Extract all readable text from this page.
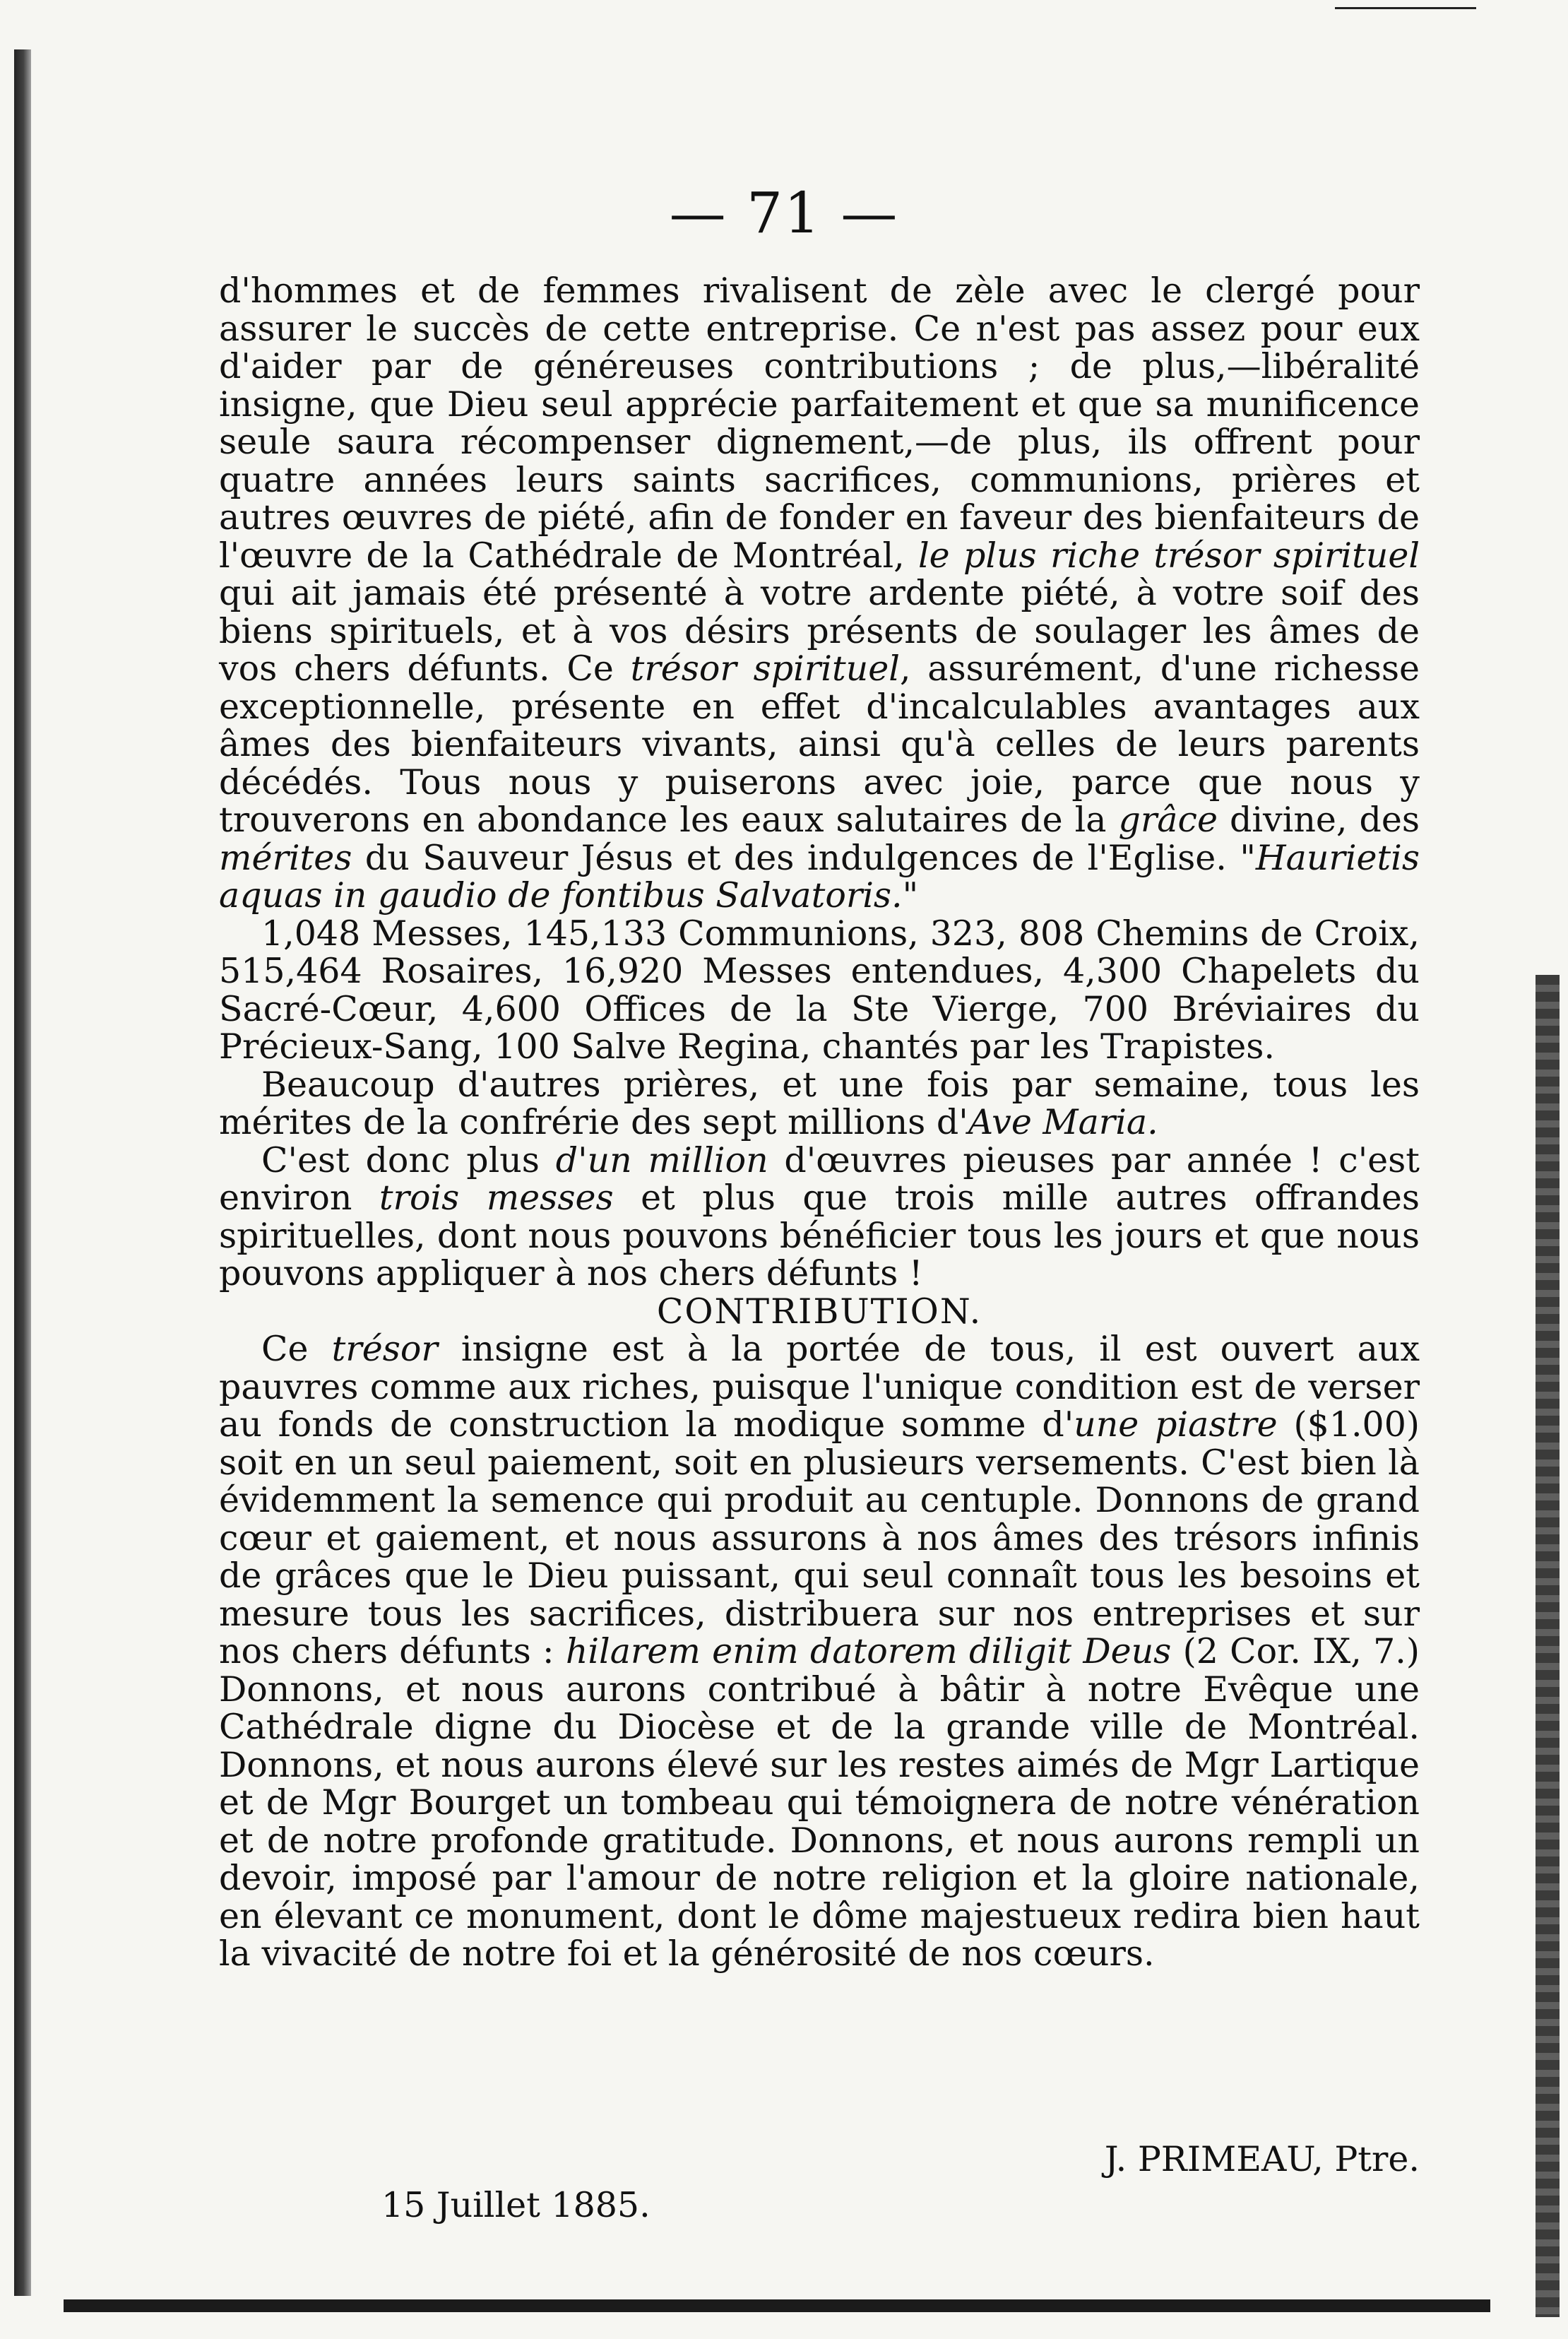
— 71 —

d'hommes et de femmes rivalisent de zèle avec le clergé pour assurer le succès de cette entreprise. Ce n'est pas assez pour eux d'aider par de généreuses contributions ; de plus,—libéralité insigne, que Dieu seul apprécie parfaitement et que sa munificence seule saura récompenser dignement,—de plus, ils offrent pour quatre années leurs saints sacrifices, communions, prières et autres œuvres de piété, afin de fonder en faveur des bienfaiteurs de l'œuvre de la Cathédrale de Montréal, le plus riche trésor spirituel qui ait jamais été présenté à votre ardente piété, à votre soif des biens spirituels, et à vos désirs présents de soulager les âmes de vos chers défunts. Ce trésor spirituel, assurément, d'une richesse exceptionnelle, présente en effet d'incalculables avantages aux âmes des bienfaiteurs vivants, ainsi qu'à celles de leurs parents décédés. Tous nous y puiserons avec joie, parce que nous y trouverons en abondance les eaux salutaires de la grâce divine, des mérites du Sauveur Jésus et des indulgences de l'Eglise. "Haurietis aquas in gaudio de fontibus Salvatoris."

1,048 Messes, 145,133 Communions, 323, 808 Chemins de Croix, 515,464 Rosaires, 16,920 Messes entendues, 4,300 Chapelets du Sacré-Cœur, 4,600 Offices de la Ste Vierge, 700 Bréviaires du Précieux-Sang, 100 Salve Regina, chantés par les Trapistes.

Beaucoup d'autres prières, et une fois par semaine, tous les mérites de la confrérie des sept millions d'Ave Maria.

C'est donc plus d'un million d'œuvres pieuses par année ! c'est environ trois messes et plus que trois mille autres offrandes spirituelles, dont nous pouvons bénéficier tous les jours et que nous pouvons appliquer à nos chers défunts !

CONTRIBUTION.

Ce trésor insigne est à la portée de tous, il est ouvert aux pauvres comme aux riches, puisque l'unique condition est de verser au fonds de construction la modique somme d'une piastre ($1.00) soit en un seul paiement, soit en plusieurs versements. C'est bien là évidemment la semence qui produit au centuple. Donnons de grand cœur et gaiement, et nous assurons à nos âmes des trésors infinis de grâces que le Dieu puissant, qui seul connaît tous les besoins et mesure tous les sacrifices, distribuera sur nos entreprises et sur nos chers défunts : hilarem enim datorem diligit Deus (2 Cor. IX, 7.) Donnons, et nous aurons contribué à bâtir à notre Evêque une Cathédrale digne du Diocèse et de la grande ville de Montréal. Donnons, et nous aurons élevé sur les restes aimés de Mgr Lartique et de Mgr Bourget un tombeau qui témoignera de notre vénération et de notre profonde gratitude. Donnons, et nous aurons rempli un devoir, imposé par l'amour de notre religion et la gloire nationale, en élevant ce monument, dont le dôme majestueux redira bien haut la vivacité de notre foi et la générosité de nos cœurs.

J. PRIMEAU, Ptre.
15 Juillet 1885.
